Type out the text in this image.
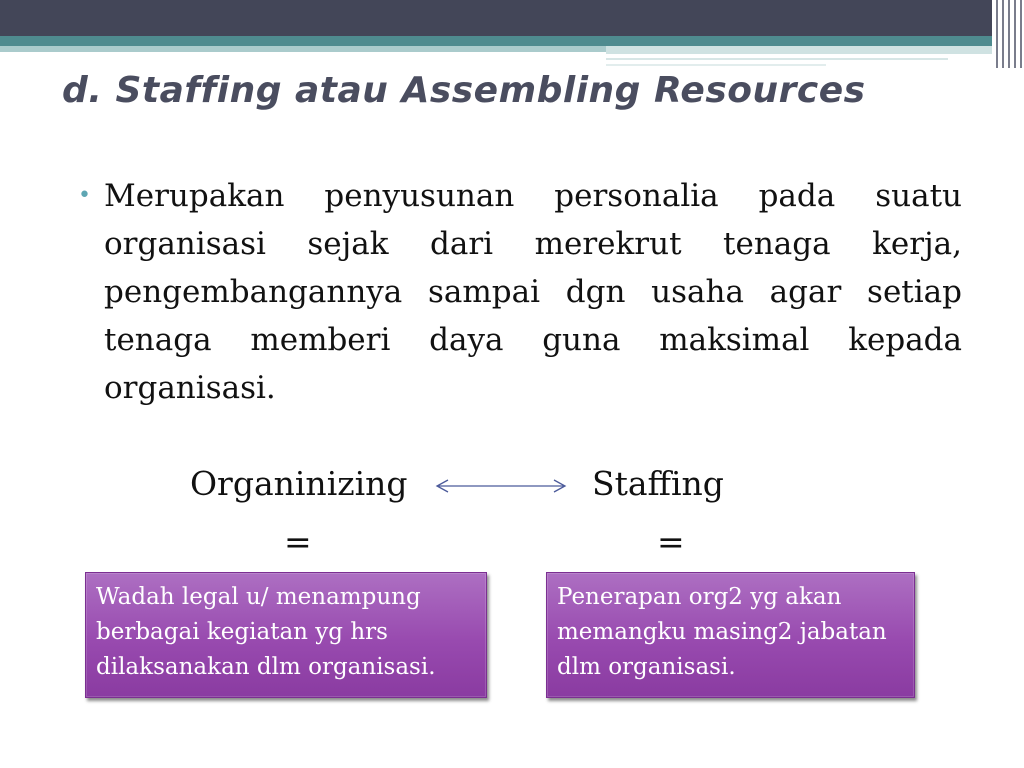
d. Staffing atau Assembling Resources
• Merupakan penyusunan personalia pada suatu organisasi sejak dari merekrut tenaga kerja, pengembangannya sampai dgn usaha agar setiap tenaga memberi daya guna maksimal kepada organisasi.

Organinizing	Staffing
=	=
Wadah legal u/ menampung berbagai kegiatan yg hrs dilaksanakan dlm organisasi.
Penerapan org2 yg akan memangku masing2 jabatan dlm organisasi.
